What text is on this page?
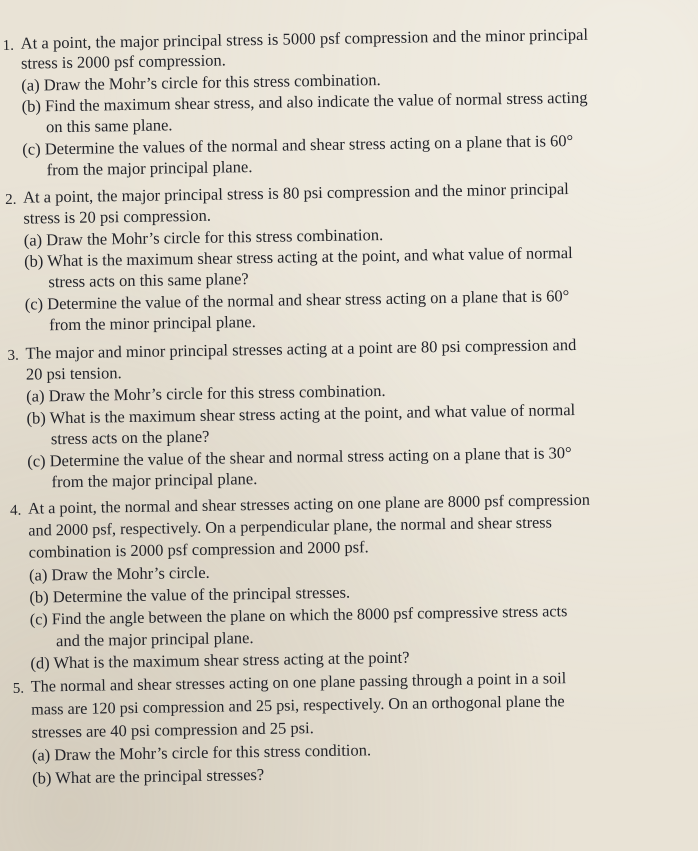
1. At a point, the major principal stress is 5000 psf compression and the minor principal
stress is 2000 psf compression.
(a) Draw the Mohr’s circle for this stress combination.
(b) Find the maximum shear stress, and also indicate the value of normal stress acting
on this same plane.
(c) Determine the values of the normal and shear stress acting on a plane that is 60°
from the major principal plane.
2. At a point, the major principal stress is 80 psi compression and the minor principal
stress is 20 psi compression.
(a) Draw the Mohr’s circle for this stress combination.
(b) What is the maximum shear stress acting at the point, and what value of normal
stress acts on this same plane?
(c) Determine the value of the normal and shear stress acting on a plane that is 60°
from the minor principal plane.
3. The major and minor principal stresses acting at a point are 80 psi compression and
20 psi tension.
(a) Draw the Mohr’s circle for this stress combination.
(b) What is the maximum shear stress acting at the point, and what value of normal
stress acts on the plane?
(c) Determine the value of the shear and normal stress acting on a plane that is 30°
from the major principal plane.
4. At a point, the normal and shear stresses acting on one plane are 8000 psf compression
and 2000 psf, respectively. On a perpendicular plane, the normal and shear stress
combination is 2000 psf compression and 2000 psf.
(a) Draw the Mohr’s circle.
(b) Determine the value of the principal stresses.
(c) Find the angle between the plane on which the 8000 psf compressive stress acts
and the major principal plane.
(d) What is the maximum shear stress acting at the point?
5. The normal and shear stresses acting on one plane passing through a point in a soil
mass are 120 psi compression and 25 psi, respectively. On an orthogonal plane the
stresses are 40 psi compression and 25 psi.
(a) Draw the Mohr’s circle for this stress condition.
(b) What are the principal stresses?
